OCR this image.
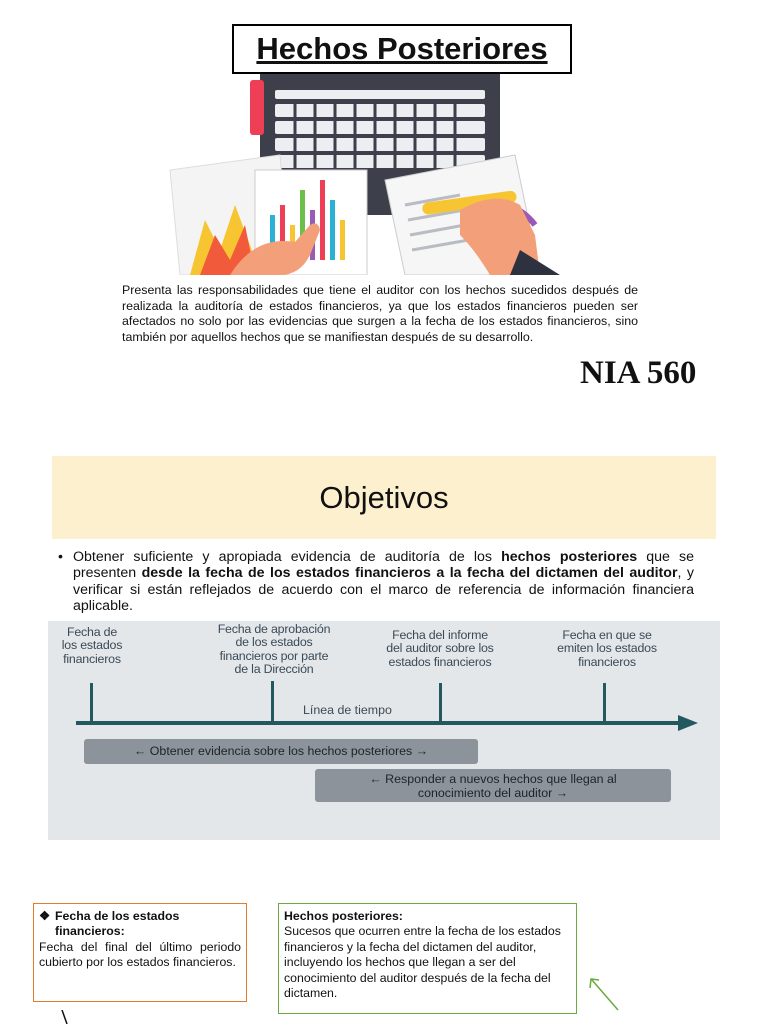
Hechos Posteriores

Presenta las responsabilidades que tiene el auditor con los hechos sucedidos después de realizada la auditoría de estados financieros, ya que los estados financieros pueden ser afectados no solo por las evidencias que surgen a la fecha de los estados financieros, sino también por aquellos hechos que se manifiestan después de su desarrollo.

NIA 560
Objetivos
• Obtener suficiente y apropiada evidencia de auditoría de los hechos posteriores que se presenten desde la fecha de los estados financieros a la fecha del dictamen del auditor, y verificar si están reflejados de acuerdo con el marco de referencia de información financiera aplicable.
Fecha de
los estados
financieros
Fecha de aprobación
de los estados
financieros por parte
de la Dirección
Fecha del informe
del auditor sobre los
estados financieros
Fecha en que se
emiten los estados
financieros
Línea de tiempo
← Obtener evidencia sobre los hechos posteriores →
← Responder a nuevos hechos que llegan al
conocimiento del auditor →
❖ Fecha de los estados financieros:
Fecha del final del último periodo cubierto por los estados financieros.
Hechos posteriores:
Sucesos que ocurren entre la fecha de los estados financieros y la fecha del dictamen del auditor, incluyendo los hechos que llegan a ser del conocimiento del auditor después de la fecha del dictamen.
